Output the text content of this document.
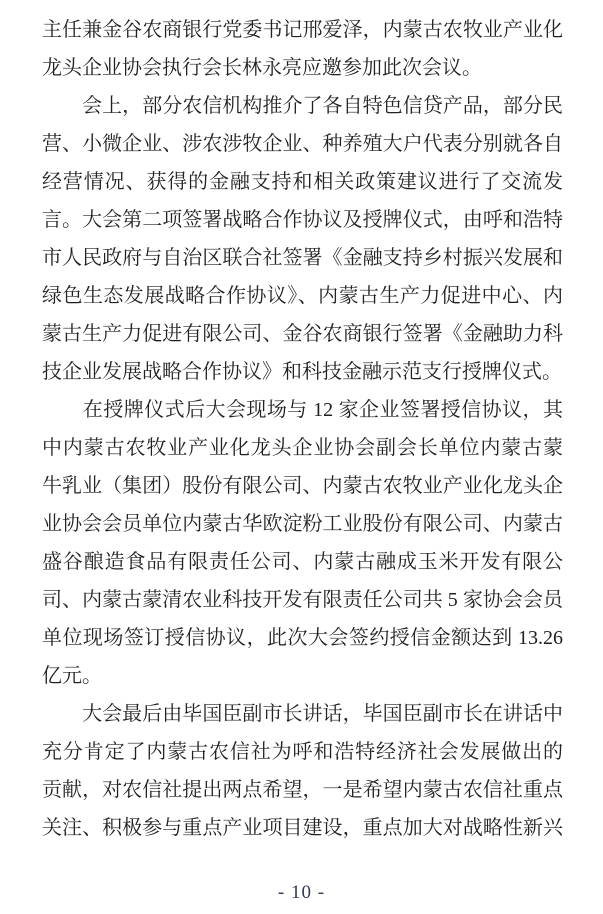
主任兼金谷农商银行党委书记邢爱泽，内蒙古农牧业产业化
龙头企业协会执行会长林永亮应邀参加此次会议。
　　会上，部分农信机构推介了各自特色信贷产品，部分民
营、小微企业、涉农涉牧企业、种养殖大户代表分别就各自
经营情况、获得的金融支持和相关政策建议进行了交流发
言。大会第二项签署战略合作协议及授牌仪式，由呼和浩特
市人民政府与自治区联合社签署《金融支持乡村振兴发展和
绿色生态发展战略合作协议》、内蒙古生产力促进中心、内
蒙古生产力促进有限公司、金谷农商银行签署《金融助力科
技企业发展战略合作协议》和科技金融示范支行授牌仪式。
　　在授牌仪式后大会现场与 12 家企业签署授信协议，其
中内蒙古农牧业产业化龙头企业协会副会长单位内蒙古蒙
牛乳业（集团）股份有限公司、内蒙古农牧业产业化龙头企
业协会会员单位内蒙古华欧淀粉工业股份有限公司、内蒙古
盛谷酿造食品有限责任公司、内蒙古融成玉米开发有限公
司、内蒙古蒙清农业科技开发有限责任公司共 5 家协会会员
单位现场签订授信协议，此次大会签约授信金额达到 13.26
亿元。
　　大会最后由毕国臣副市长讲话，毕国臣副市长在讲话中
充分肯定了内蒙古农信社为呼和浩特经济社会发展做出的
贡献，对农信社提出两点希望，一是希望内蒙古农信社重点
关注、积极参与重点产业项目建设，重点加大对战略性新兴
- 10 -
